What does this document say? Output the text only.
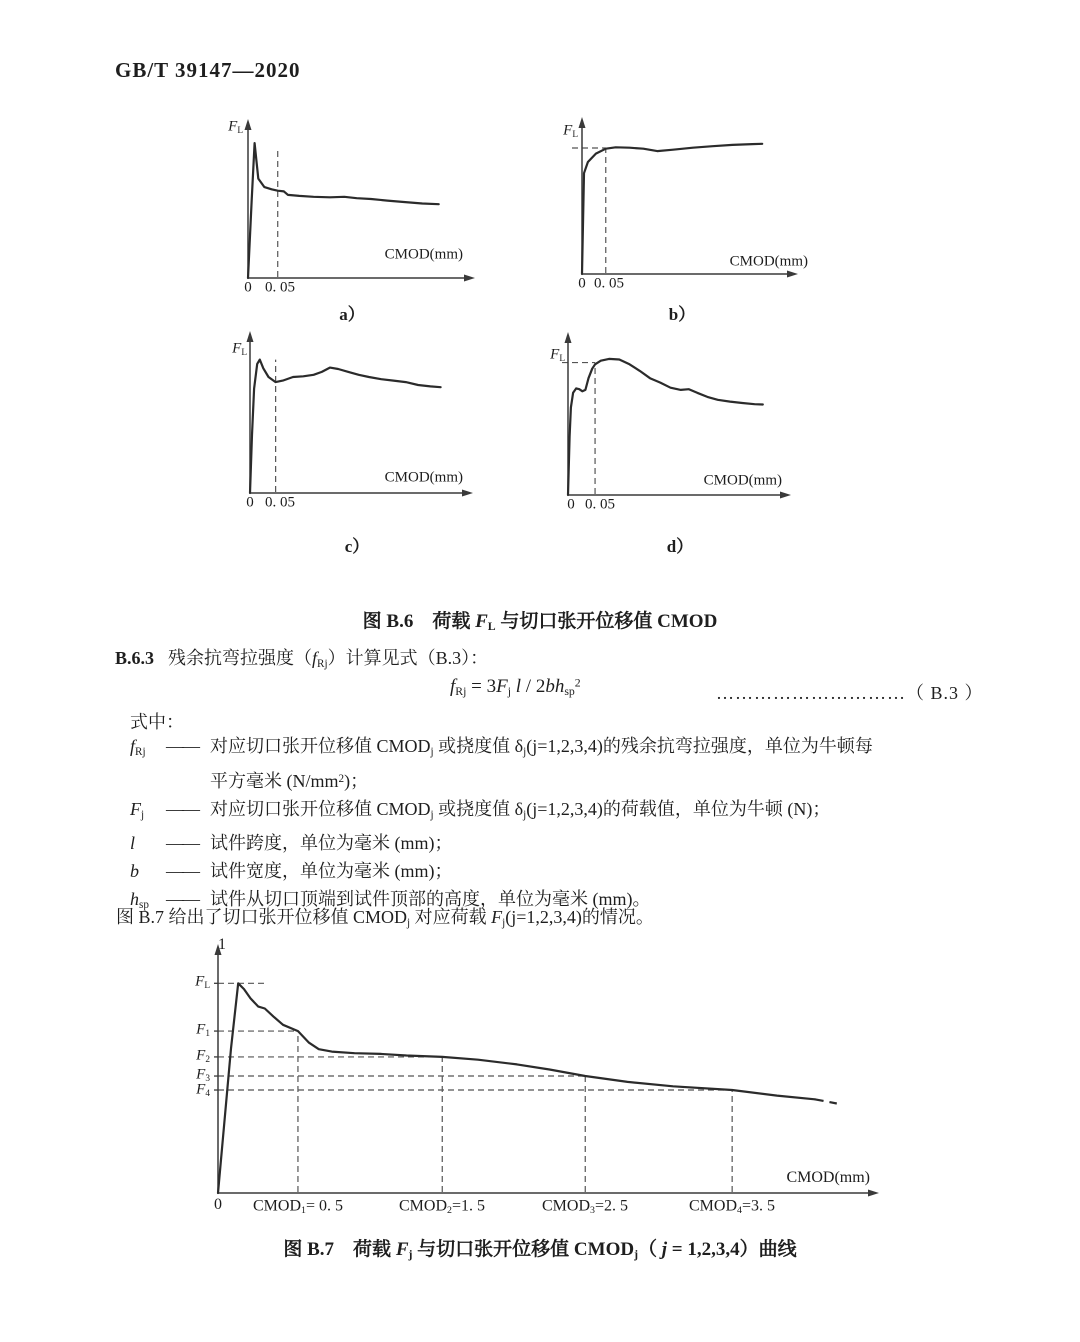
GB/T 39147—2020
$F_L$
CMOD(mm)
0 0. 05
$F_L$
CMOD(mm)
0 0. 05
$F_L$
CMOD(mm)
0 0. 05
$F_L$
CMOD(mm)
0 0. 05
a）	b）
c）	d）
图 B.6　荷载 $F_L$ 与切口张开位移值 CMOD
B.6.3 残余抗弯拉强度$(f_{Rj})$计算见式（B.3）：
$f_{Rj} = 3F_j$ l / $2bh_{sp}^2$	…………………………（ B.3 ）
式中：
$f_{Rj}$	—— 对应切口张开位移值 $CMOD_j$ 或挠度值 $\delta_j(j=1,2,3,4)$的残余抗弯拉强度，单位为牛顿每
平方毫米 $(N/mm^2)$；
$F_j$	—— 对应切口张开位移值 $CMOD_j$ 或挠度值 $\delta_j(j=1,2,3,4)$的荷载值，单位为牛顿 (N)；
l	—— 试件跨度，单位为毫米 (mm)；
b	—— 试件宽度，单位为毫米 (mm)；
$h_{sp}$ —— 试件从切口顶端到试件顶部的高度，单位为毫米 (mm)。
图 B.7 给出了切口张开位移值 $CMOD_j$ 对应荷载 $F_j(j=1,2,3,4)$的情况。
1
$F_L$
$F_1$
$F_2$
$F_3$
$F_4$
0 $CMOD_1= 0$. 5	$CMOD_2=1$. 5	$CMOD_3=2$. 5	$CMOD_4=3$. 5
CMOD(mm)
图 B.7　荷载 $F_j$ 与切口张开位移值 $CMOD_j$（ j = 1,2,3,4）曲线
